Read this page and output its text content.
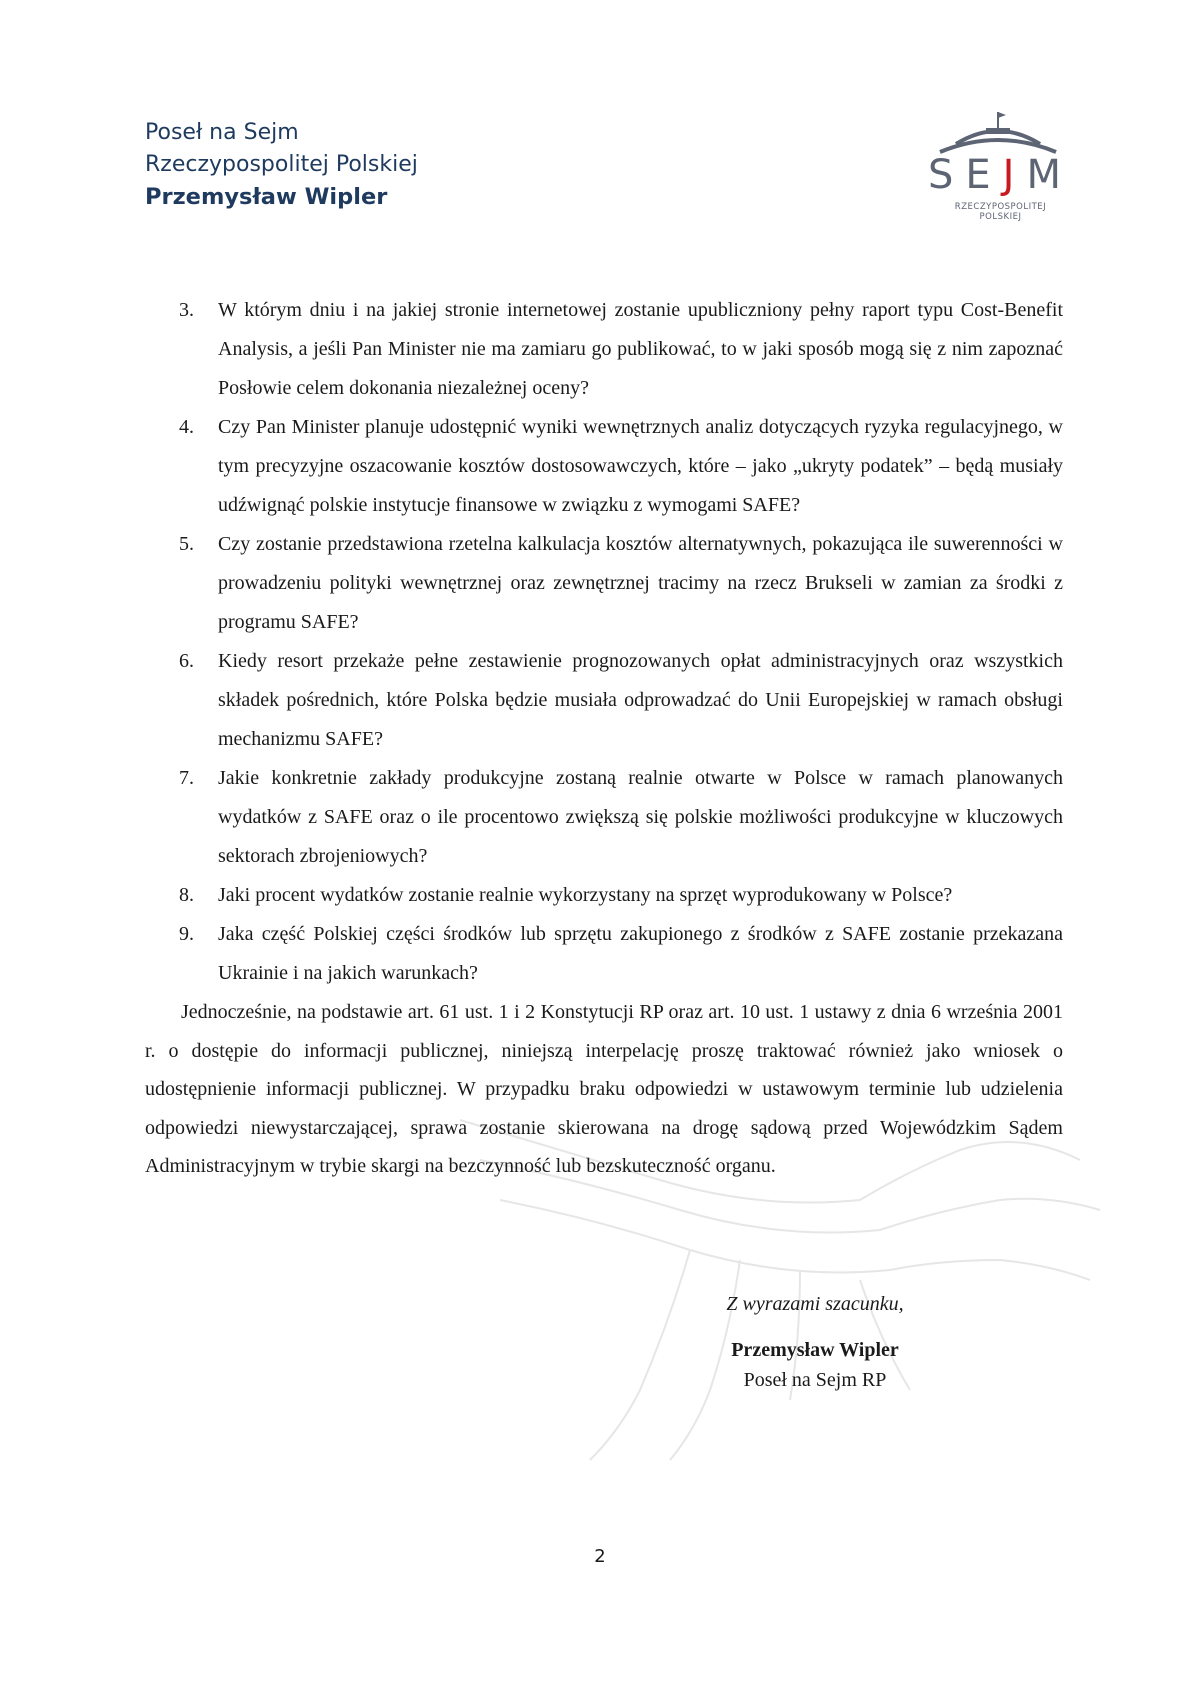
Poseł na Sejm
Rzeczypospolitej Polskiej
Przemysław Wipler	SEJM
RZECZYPOSPOLITEJ POLSKIEJ
3. W którym dniu i na jakiej stronie internetowej zostanie upubliczniony pełny raport typu Cost-Benefit Analysis, a jeśli Pan Minister nie ma zamiaru go publikować, to w jaki sposób mogą się z nim zapoznać Posłowie celem dokonania niezależnej oceny?
4. Czy Pan Minister planuje udostępnić wyniki wewnętrznych analiz dotyczących ryzyka regulacyjnego, w tym precyzyjne oszacowanie kosztów dostosowawczych, które – jako „ukryty podatek” – będą musiały udźwignąć polskie instytucje finansowe w związku z wymogami SAFE?
5. Czy zostanie przedstawiona rzetelna kalkulacja kosztów alternatywnych, pokazująca ile suwerenności w prowadzeniu polityki wewnętrznej oraz zewnętrznej tracimy na rzecz Brukseli w zamian za środki z programu SAFE?
6. Kiedy resort przekaże pełne zestawienie prognozowanych opłat administracyjnych oraz wszystkich składek pośrednich, które Polska będzie musiała odprowadzać do Unii Europejskiej w ramach obsługi mechanizmu SAFE?
7. Jakie konkretnie zakłady produkcyjne zostaną realnie otwarte w Polsce w ramach planowanych wydatków z SAFE oraz o ile procentowo zwiększą się polskie możliwości produkcyjne w kluczowych sektorach zbrojeniowych?
8. Jaki procent wydatków zostanie realnie wykorzystany na sprzęt wyprodukowany w Polsce?
9. Jaka część Polskiej części środków lub sprzętu zakupionego z środków z SAFE zostanie przekazana Ukrainie i na jakich warunkach?
Jednocześnie, na podstawie art. 61 ust. 1 i 2 Konstytucji RP oraz art. 10 ust. 1 ustawy z dnia 6 września 2001 r. o dostępie do informacji publicznej, niniejszą interpelację proszę traktować również jako wniosek o udostępnienie informacji publicznej. W przypadku braku odpowiedzi w ustawowym terminie lub udzielenia odpowiedzi niewystarczającej, sprawa zostanie skierowana na drogę sądową przed Wojewódzkim Sądem Administracyjnym w trybie skargi na bezczynność lub bezskuteczność organu.
Z wyrazami szacunku,
Przemysław Wipler
Poseł na Sejm RP
2
